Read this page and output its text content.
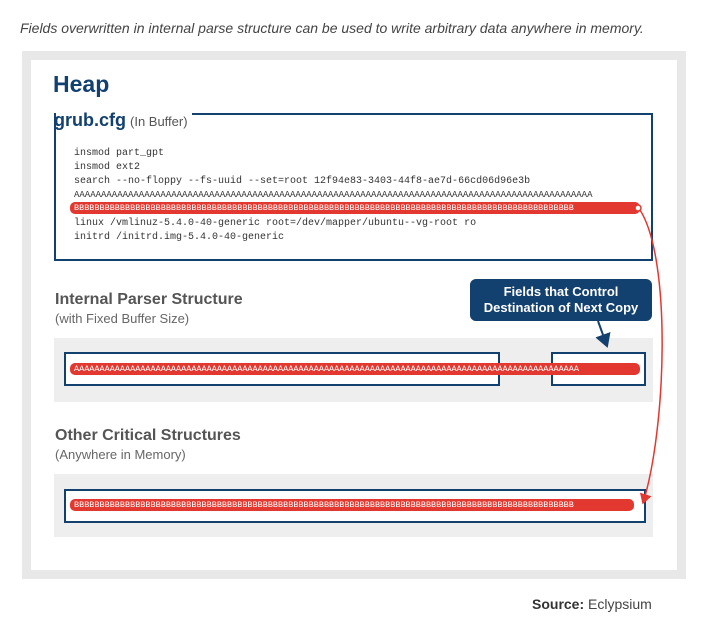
Fields overwritten in internal parse structure can be used to write arbitrary data anywhere in memory.
Heap
grub.cfg (In Buffer)
insmod part_gpt
insmod ext2
search --no-floppy --fs-uuid --set=root 12f94e83-3403-44f8-ae7d-66cd06d96e3b
AAAAAAAAAAAAAAAAAAAAAAAAAAAAAAAAAAAAAAAAAAAAAAAAAAAAAAAAAAAAAAAAAAAAAAAAAAAAAAAAAAAAAAAAAAAAAAAA
BBBBBBBBBBBBBBBBBBBBBBBBBBBBBBBBBBBBBBBBBBBBBBBBBBBBBBBBBBBBBBBBBBBBBBBBBBBBBBBBBBBBBBBBBBBBBBBBBB
linux /vmlinuz-5.4.0-40-generic root=/dev/mapper/ubuntu--vg-root ro
initrd /initrd.img-5.4.0-40-generic
Internal Parser Structure
(with Fixed Buffer Size)
AAAAAAAAAAAAAAAAAAAAAAAAAAAAAAAAAAAAAAAAAAAAAAAAAAAAAAAAAAAAAAAAAAAAAAAAAAAAAAAAAAAAAAAAAAAAAAAAAAA
Fields that Control
Destination of Next Copy
Other Critical Structures
(Anywhere in Memory)
BBBBBBBBBBBBBBBBBBBBBBBBBBBBBBBBBBBBBBBBBBBBBBBBBBBBBBBBBBBBBBBBBBBBBBBBBBBBBBBBBBBBBBBBBBBBBBBBBB
Source: Eclypsium
